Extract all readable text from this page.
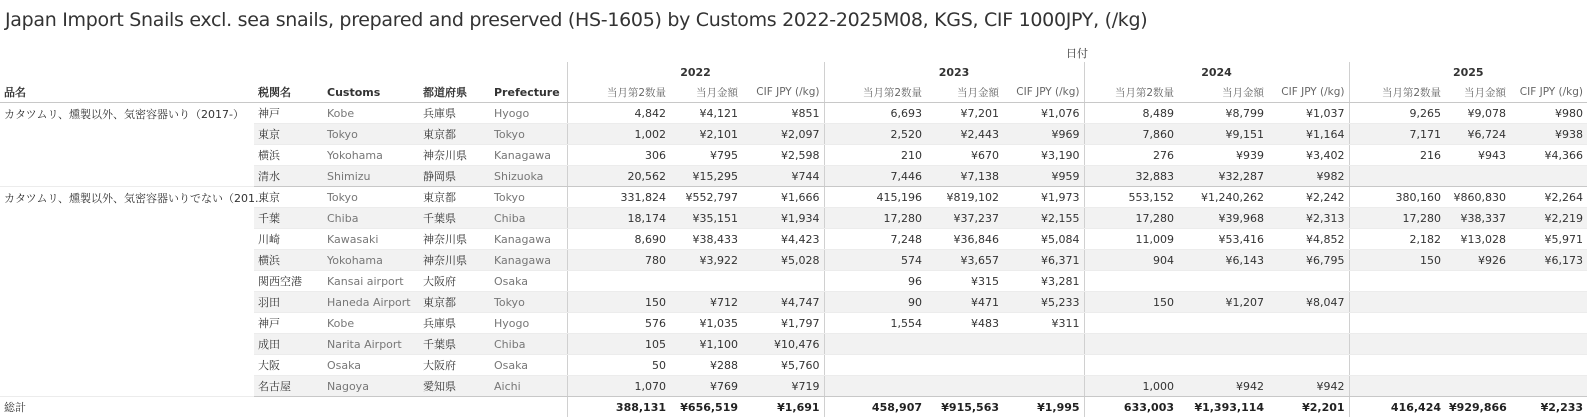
Japan Import Snails excl. sea snails, prepared and preserved (HS-1605) by Customs 2022-2025M08, KGS, CIF 1000JPY, (/kg)
					日付											
					2022			2023			2024			2025		
品名	税関名	Customs	都道府県	Prefecture	当月第2数量	当月金額	CIF JPY (/kg)	当月第2数量	当月金額	CIF JPY (/kg)	当月第2数量	当月金額	CIF JPY (/kg)	当月第2数量	当月金額	CIF JPY (/kg)
カタツムリ、燻製以外、気密容器いり（2017-）	神戸	Kobe	兵庫県	Hyogo	4,842	¥4,121	¥851	6,693	¥7,201	¥1,076	8,489	¥8,799	¥1,037	9,265	¥9,078	¥980
	東京	Tokyo	東京都	Tokyo	1,002	¥2,101	¥2,097	2,520	¥2,443	¥969	7,860	¥9,151	¥1,164	7,171	¥6,724	¥938
	横浜	Yokohama	神奈川県	Kanagawa	306	¥795	¥2,598	210	¥670	¥3,190	276	¥939	¥3,402	216	¥943	¥4,366
	清水	Shimizu	静岡県	Shizuoka	20,562	¥15,295	¥744	7,446	¥7,138	¥959	32,883	¥32,287	¥982			
カタツムリ、燻製以外、気密容器いりでない（201..	東京	Tokyo	東京都	Tokyo	331,824	¥552,797	¥1,666	415,196	¥819,102	¥1,973	553,152	¥1,240,262	¥2,242	380,160	¥860,830	¥2,264
	千葉	Chiba	千葉県	Chiba	18,174	¥35,151	¥1,934	17,280	¥37,237	¥2,155	17,280	¥39,968	¥2,313	17,280	¥38,337	¥2,219
	川崎	Kawasaki	神奈川県	Kanagawa	8,690	¥38,433	¥4,423	7,248	¥36,846	¥5,084	11,009	¥53,416	¥4,852	2,182	¥13,028	¥5,971
	横浜	Yokohama	神奈川県	Kanagawa	780	¥3,922	¥5,028	574	¥3,657	¥6,371	904	¥6,143	¥6,795	150	¥926	¥6,173
	関西空港	Kansai airport	大阪府	Osaka				96	¥315	¥3,281						
	羽田	Haneda Airport	東京都	Tokyo	150	¥712	¥4,747	90	¥471	¥5,233	150	¥1,207	¥8,047			
	神戸	Kobe	兵庫県	Hyogo	576	¥1,035	¥1,797	1,554	¥483	¥311						
	成田	Narita Airport	千葉県	Chiba	105	¥1,100	¥10,476									
	大阪	Osaka	大阪府	Osaka	50	¥288	¥5,760									
	名古屋	Nagoya	愛知県	Aichi	1,070	¥769	¥719				1,000	¥942	¥942			
総計					388,131	¥656,519	¥1,691	458,907	¥915,563	¥1,995	633,003	¥1,393,114	¥2,201	416,424	¥929,866	¥2,233
